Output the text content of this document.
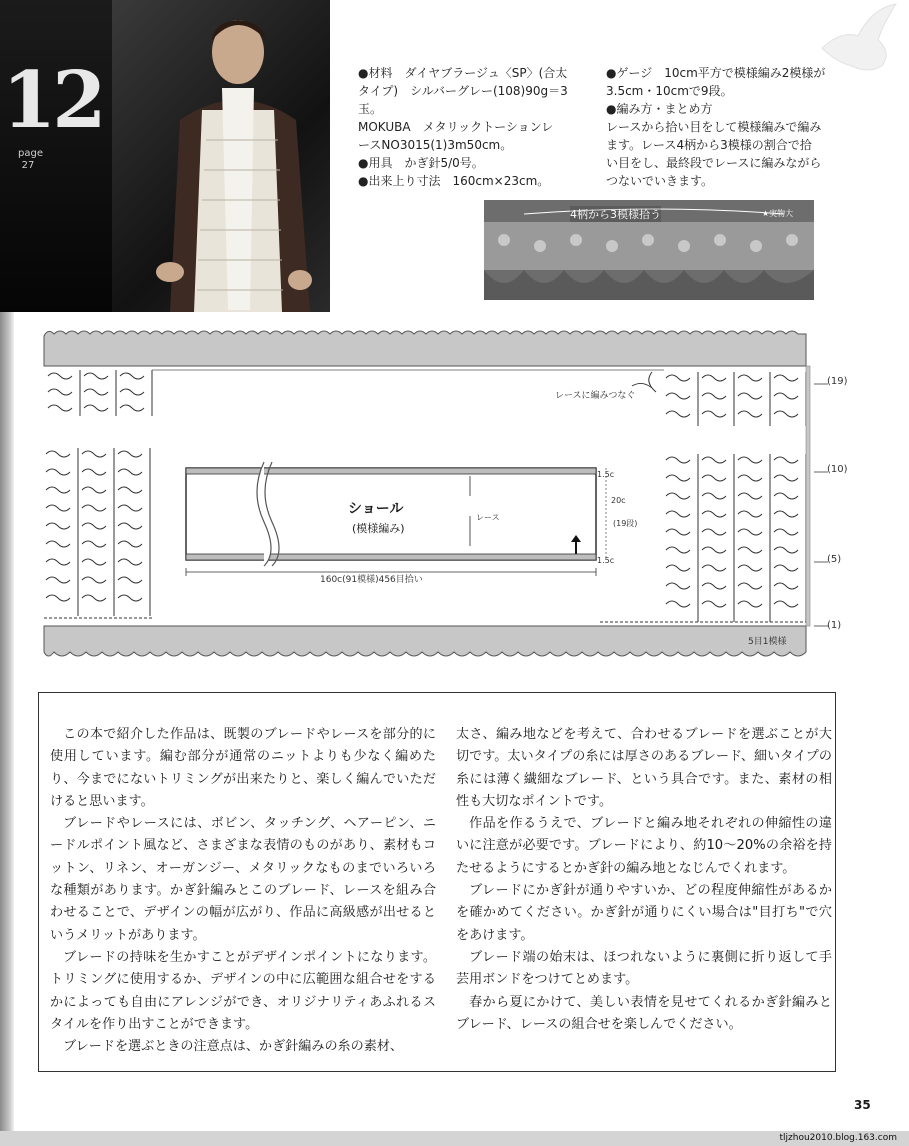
12
page
27
●材料　ダイヤブラージュ〈SP〉(合太
タイプ)　シルバーグレー(108)90g＝3
玉。
MOKUBA　メタリックトーションレ
ースNO3015(1)3m50cm。
●用具　かぎ針5/0号。
●出来上り寸法　160cm×23cm。
●ゲージ　10cm平方で模様編み2模様が
3.5cm・10cmで9段。
●編み方・まとめ方
レースから拾い目をして模様編みで編み
ます。レース4柄から3模様の割合で拾
い目をし、最終段でレースに編みながら
つないでいきます。
4柄から3模様拾う	★実物大
ショール
(模様編み)
レース
160c(91模様)456目拾い
1.5c
20c
(19段)
1.5c
レースに編みつなぐ
5目1模様
(19)
(10)
(5)
(1)

この本で紹介した作品は、既製のブレードやレースを部分的に使用しています。編む部分が通常のニットよりも少なく編めたり、今までにないトリミングが出来たりと、楽しく編んでいただけると思います。

ブレードやレースには、ボビン、タッチング、ヘアーピン、ニードルポイント風など、さまざまな表情のものがあり、素材もコットン、リネン、オーガンジー、メタリックなものまでいろいろな種類があります。かぎ針編みとこのブレード、レースを組み合わせることで、デザインの幅が広がり、作品に高級感が出せるというメリットがあります。

ブレードの持味を生かすことがデザインポイントになります。トリミングに使用するか、デザインの中に広範囲な組合せをするかによっても自由にアレンジができ、オリジナリティあふれるスタイルを作り出すことができます。

ブレードを選ぶときの注意点は、かぎ針編みの糸の素材、

太さ、編み地などを考えて、合わせるブレードを選ぶことが大切です。太いタイプの糸には厚さのあるブレード、細いタイプの糸には薄く繊細なブレード、という具合です。また、素材の相性も大切なポイントです。

作品を作るうえで、ブレードと編み地それぞれの伸縮性の違いに注意が必要です。ブレードにより、約10〜20%の余裕を持たせるようにするとかぎ針の編み地となじんでくれます。

ブレードにかぎ針が通りやすいか、どの程度伸縮性があるかを確かめてください。かぎ針が通りにくい場合は"目打ち"で穴をあけます。

ブレード端の始末は、ほつれないように裏側に折り返して手芸用ボンドをつけてとめます。

春から夏にかけて、美しい表情を見せてくれるかぎ針編みとブレード、レースの組合せを楽しんでください。

35
tljzhou2010.blog.163.com
